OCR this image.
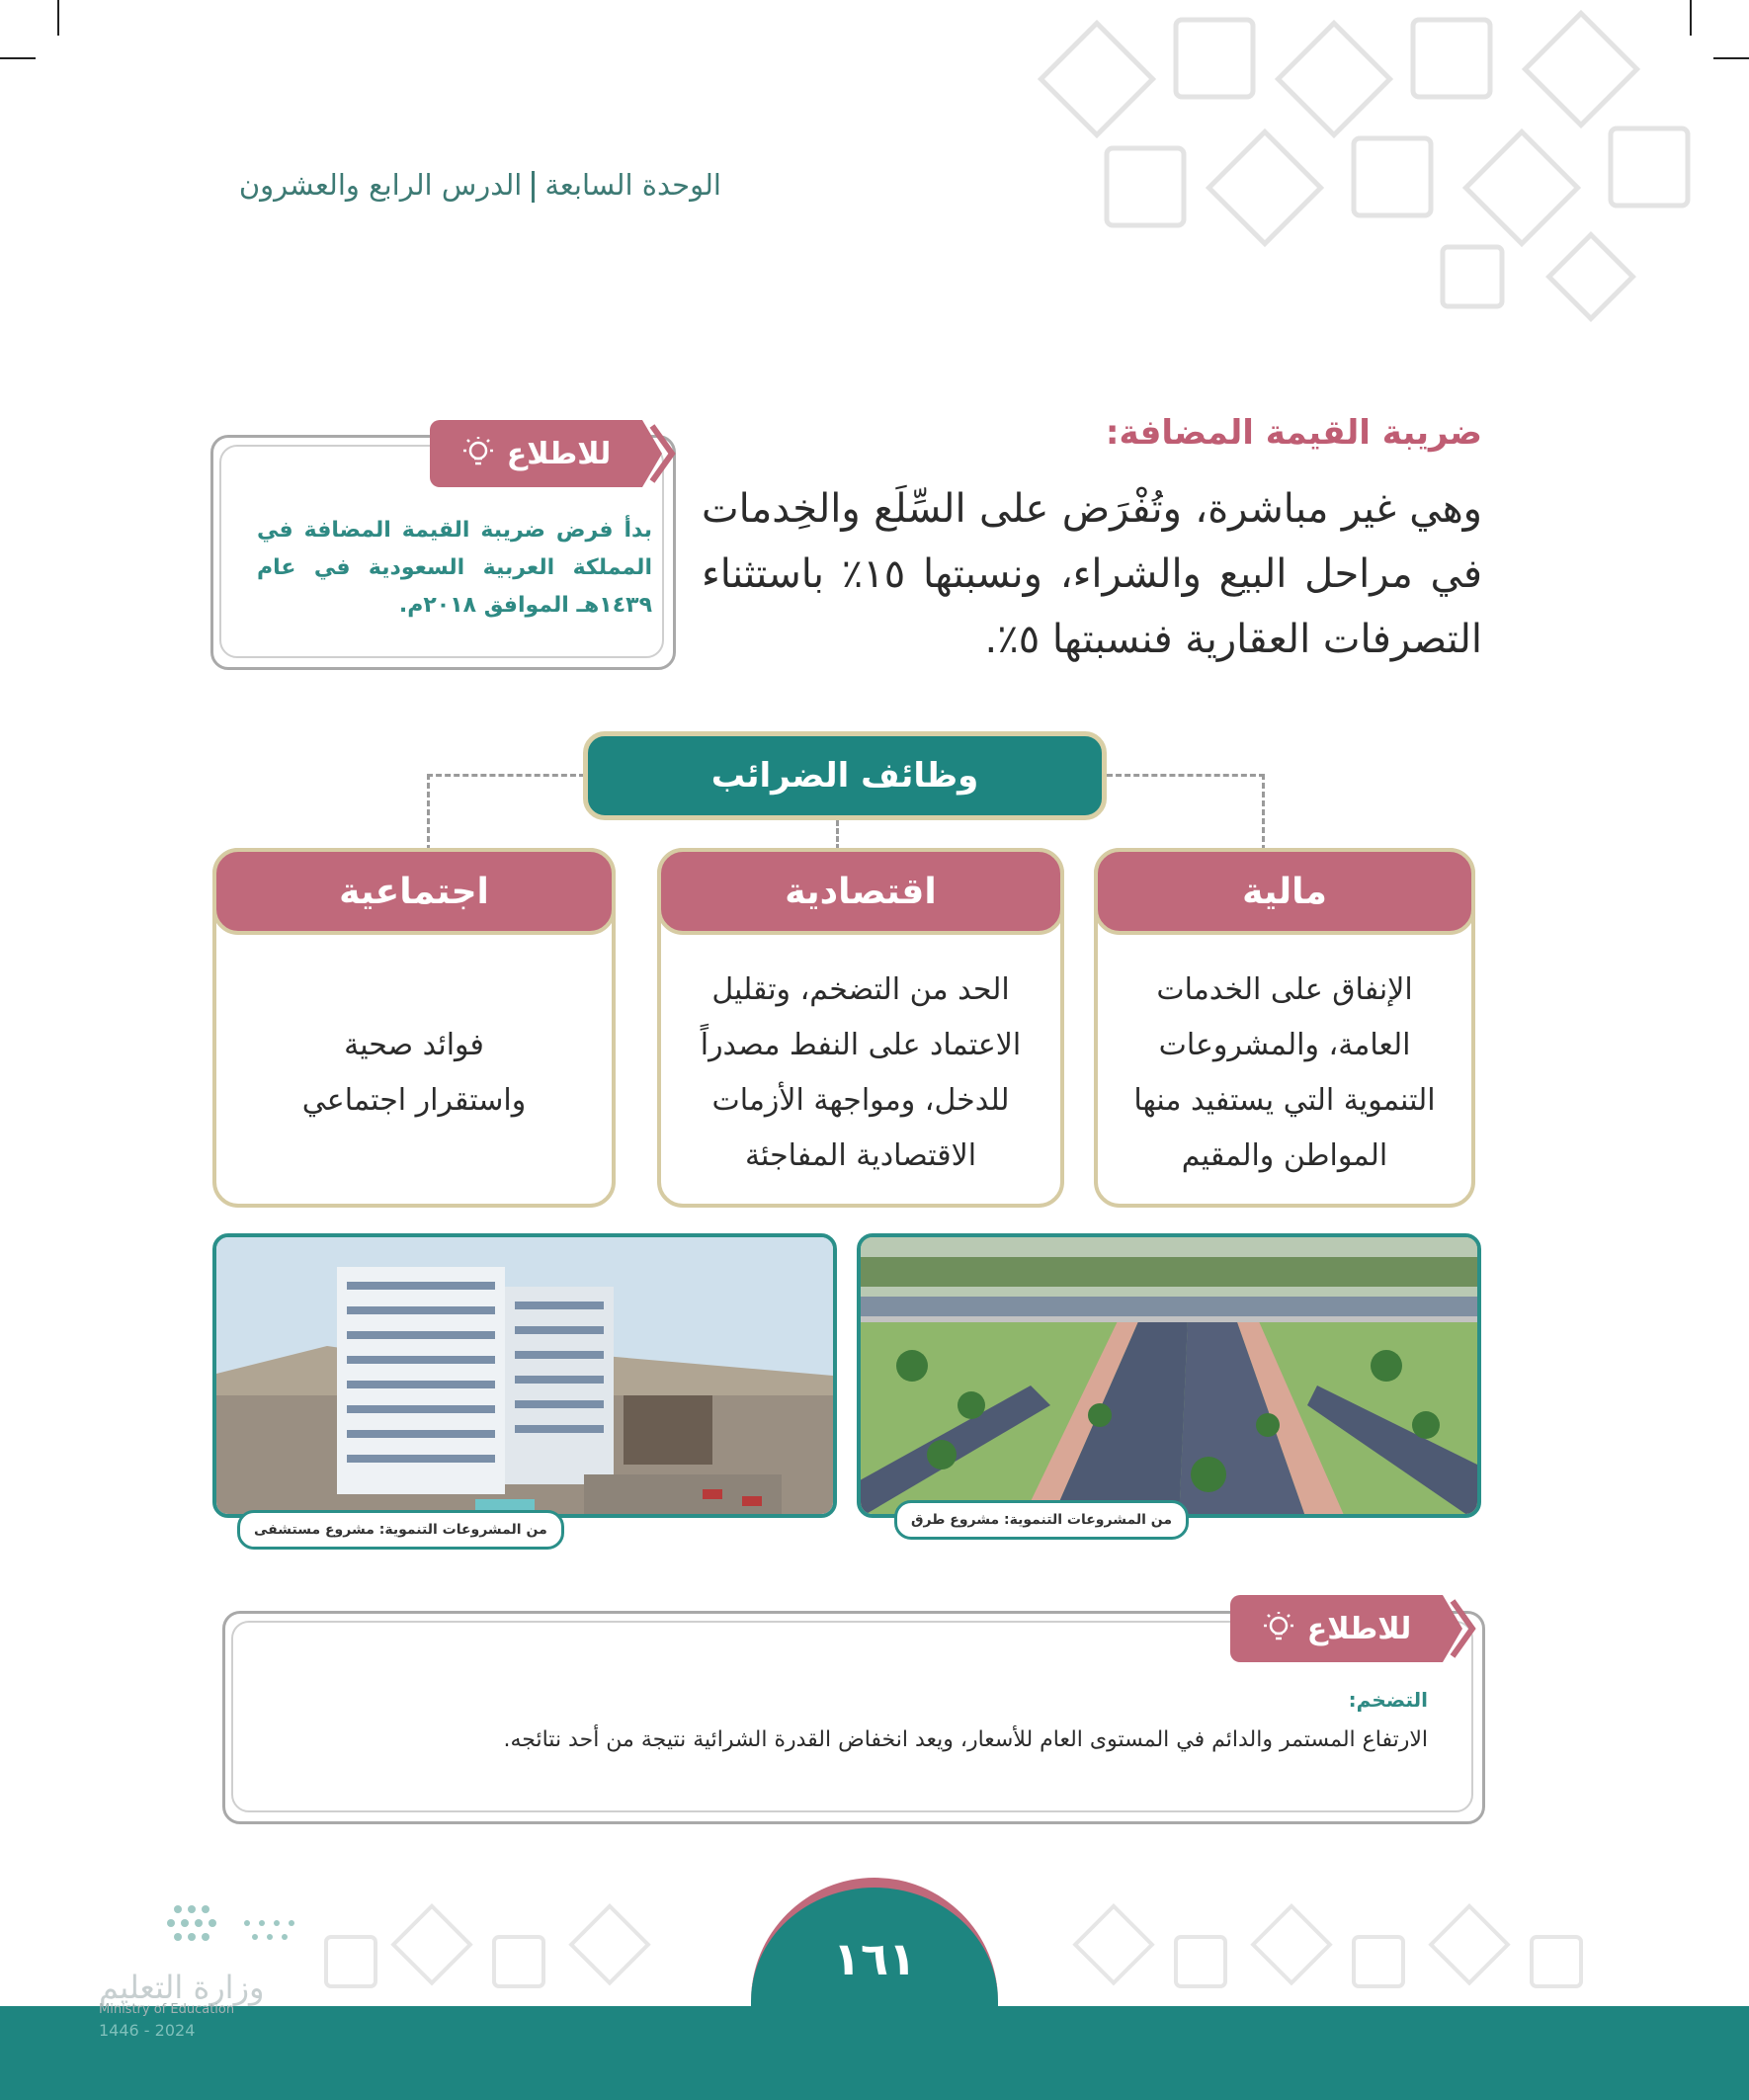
الوحدة السابعةالدرس الرابع والعشرون
ضريبة القيمة المضافة:
وهي غير مباشرة، وتُفْرَض على السِّلَع والخِدمات في مراحل البيع والشراء، ونسبتها ١٥٪ باستثناء التصرفات العقارية فنسبتها ٥٪.
للاطلاع
بدأ فرض ضريبة القيمة المضافة في المملكة العربية السعودية في عام ١٤٣٩هـ الموافق ٢٠١٨م.
وظائف الضرائب
مالية
الإنفاق على الخدمات
العامة، والمشروعات
التنموية التي يستفيد منها
المواطن والمقيم
اقتصادية
الحد من التضخم، وتقليل
الاعتماد على النفط مصدراً
للدخل، ومواجهة الأزمات
الاقتصادية المفاجئة
اجتماعية
فوائد صحية
واستقرار اجتماعي
من المشروعات التنموية: مشروع طرق
من المشروعات التنموية: مشروع مستشفى
للاطلاع
التضخم:
الارتفاع المستمر والدائم في المستوى العام للأسعار، ويعد انخفاض القدرة الشرائية نتيجة من أحد نتائجه.
١٦١
وزارة التعليم
Ministry of Education
2024 - 1446
